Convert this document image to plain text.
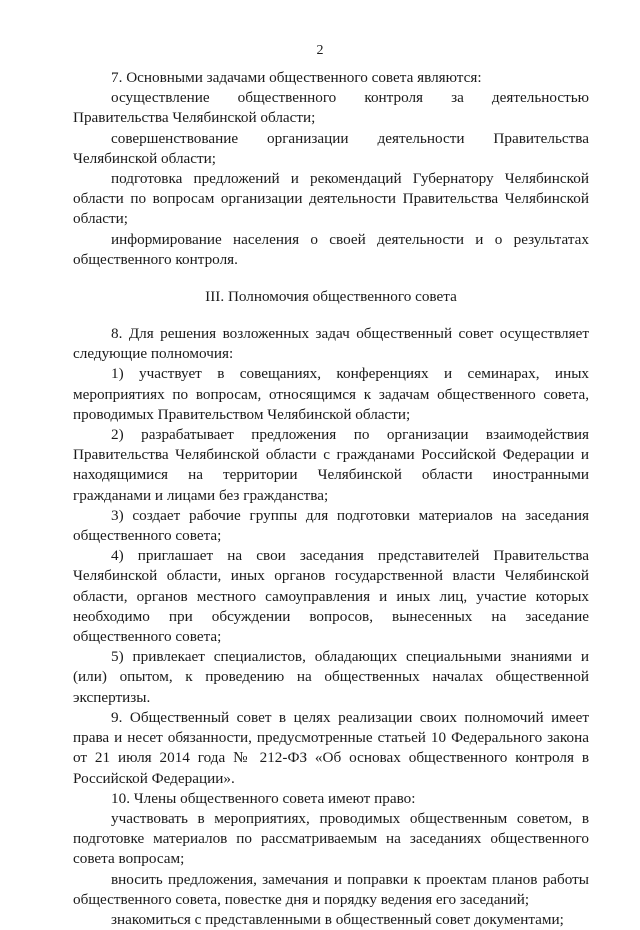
2

7. Основными задачами общественного совета являются:

осуществление общественного контроля за деятельностью Правительства Челябинской области;

совершенствование организации деятельности Правительства Челябинской области;

подготовка предложений и рекомендаций Губернатору Челябинской области по вопросам организации деятельности Правительства Челябинской области;

информирование населения о своей деятельности и о результатах общественного контроля.

III. Полномочия общественного совета

8. Для решения возложенных задач общественный совет осуществляет следующие полномочия:

1) участвует в совещаниях, конференциях и семинарах, иных мероприятиях по вопросам, относящимся к задачам общественного совета, проводимых Правительством Челябинской области;

2) разрабатывает предложения по организации взаимодействия Правительства Челябинской области с гражданами Российской Федерации и находящимися на территории Челябинской области иностранными гражданами и лицами без гражданства;

3) создает рабочие группы для подготовки материалов на заседания общественного совета;

4) приглашает на свои заседания представителей Правительства Челябинской области, иных органов государственной власти Челябинской области, органов местного самоуправления и иных лиц, участие которых необходимо при обсуждении вопросов, вынесенных на заседание общественного совета;

5) привлекает специалистов, обладающих специальными знаниями и (или) опытом, к проведению на общественных началах общественной экспертизы.

9. Общественный совет в целях реализации своих полномочий имеет права и несет обязанности, предусмотренные статьей 10 Федерального закона от 21 июля 2014 года № 212-ФЗ «Об основах общественного контроля в Российской Федерации».

10. Члены общественного совета имеют право:

участвовать в мероприятиях, проводимых общественным советом, в подготовке материалов по рассматриваемым на заседаниях общественного совета вопросам;

вносить предложения, замечания и поправки к проектам планов работы общественного совета, повестке дня и порядку ведения его заседаний;

знакомиться с представленными в общественный совет документами;
